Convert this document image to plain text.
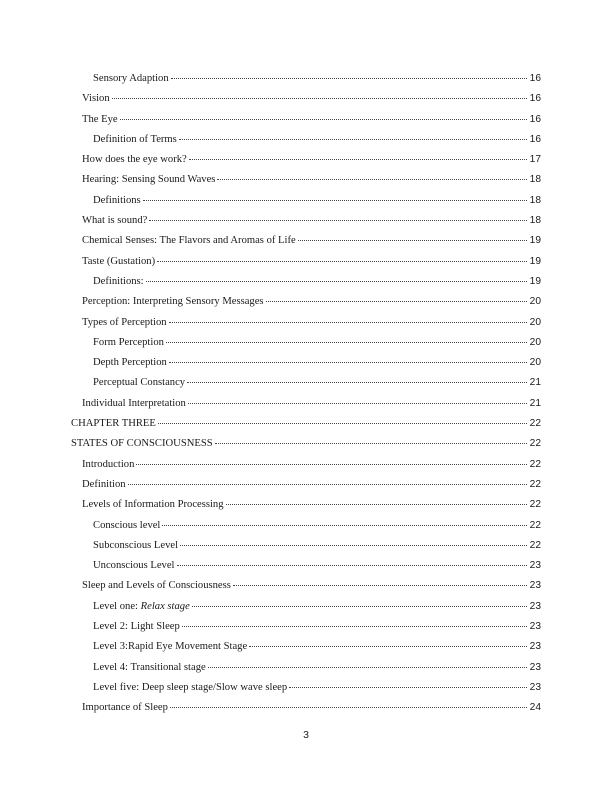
Sensory Adaption	16
Vision	16
The Eye	16
Definition of Terms	16
How does the eye work?	17
Hearing: Sensing Sound Waves	18
Definitions	18
What is sound?	18
Chemical Senses: The Flavors and Aromas of Life	19
Taste (Gustation)	19
Definitions:	19
Perception: Interpreting Sensory Messages	20
Types of Perception	20
Form Perception	20
Depth Perception	20
Perceptual Constancy	21
Individual Interpretation	21
CHAPTER THREE	22
STATES OF CONSCIOUSNESS	22
Introduction	22
Definition	22
Levels of Information Processing	22
Conscious level	22
Subconscious Level	22
Unconscious Level	23
Sleep and Levels of Consciousness	23
Level one: Relax stage	23
Level 2: Light Sleep	23
Level 3:Rapid Eye Movement Stage	23
Level 4: Transitional stage	23
Level five: Deep sleep stage/Slow wave sleep	23
Importance of Sleep	24
3
